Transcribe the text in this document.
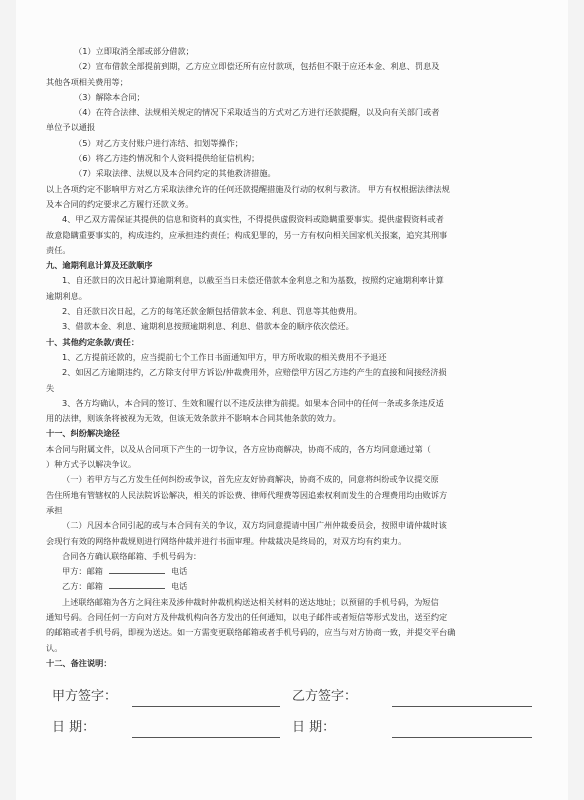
（1）立即取消全部或部分借款；

（2）宣布借款全部提前到期，乙方应立即偿还所有应付款项，包括但不限于应还本金、利息、罚息及

其他各项相关费用等；

（3）解除本合同；

（4）在符合法律、法规相关规定的情况下采取适当的方式对乙方进行还款提醒，以及向有关部门或者

单位予以通报

（5）对乙方支付账户进行冻结、扣划等操作；

（6）将乙方违约情况和个人资料提供给征信机构；

（7）采取法律、法规以及本合同约定的其他救济措施。

以上各项约定不影响甲方对乙方采取法律允许的任何还款提醒措施及行动的权利与救济。 甲方有权根据法律法规

及本合同的约定要求乙方履行还款义务。

4、甲乙双方需保证其提供的信息和资料的真实性，不得提供虚假资料或隐瞒重要事实。提供虚假资料或者

故意隐瞒重要事实的，构成违约，应承担违约责任；构成犯罪的，另一方有权向相关国家机关报案，追究其刑事

责任。

九、逾期利息计算及还款顺序

1、自还款日的次日起计算逾期利息，以截至当日未偿还借款本金利息之和为基数，按照约定逾期利率计算

逾期利息。

2、自还款日次日起，乙方的每笔还款金额包括借款本金、利息、罚息等其他费用。

3、借款本金、利息、逾期利息按照逾期利息、利息、借款本金的顺序依次偿还。

十、其他约定条款/责任：

1、乙方提前还款的，应当提前七个工作日书面通知甲方，甲方所收取的相关费用不予退还

2、如因乙方逾期违约，乙方除支付甲方诉讼/仲裁费用外，应赔偿甲方因乙方违约产生的直接和间接经济损

失

3、各方均确认，本合同的签订、生效和履行以不违反法律为前提。如果本合同中的任何一条或多条违反适

用的法律，则该条将被视为无效，但该无效条款并不影响本合同其他条款的效力。

十一、纠纷解决途径

本合同与附属文件，以及从合同项下产生的一切争议，各方应协商解决，协商不成的，各方均同意通过第（

）种方式予以解决争议。

（一）若甲方与乙方发生任何纠纷或争议，首先应友好协商解决，协商不成的，同意将纠纷或争议提交原

告住所地有管辖权的人民法院诉讼解决，相关的诉讼费、律师代理费等因追索权利而发生的合理费用均由败诉方

承担

（二）凡因本合同引起的或与本合同有关的争议，双方均同意提请中国广州仲裁委员会，按照申请仲裁时该

会现行有效的网络仲裁规则进行网络仲裁并进行书面审理。仲裁裁决是终局的，对双方均有约束力。

合同各方确认联络邮箱、手机号码为：

甲方：邮箱	电话

乙方：邮箱	电话

上述联络邮箱为各方之间往来及涉仲裁时仲裁机构送达相关材料的送达地址；以预留的手机号码，为短信

通知号码。合同任何一方向对方及仲裁机构向各方发出的任何通知，以电子邮件或者短信等形式发出，送至约定

的邮箱或者手机号码，即视为送达。如一方需变更联络邮箱或者手机号码的，应当与对方协商一致，并提交平台确

认。

十二、备注说明：

甲方签字：	乙方签字：
日 期：	日 期：
